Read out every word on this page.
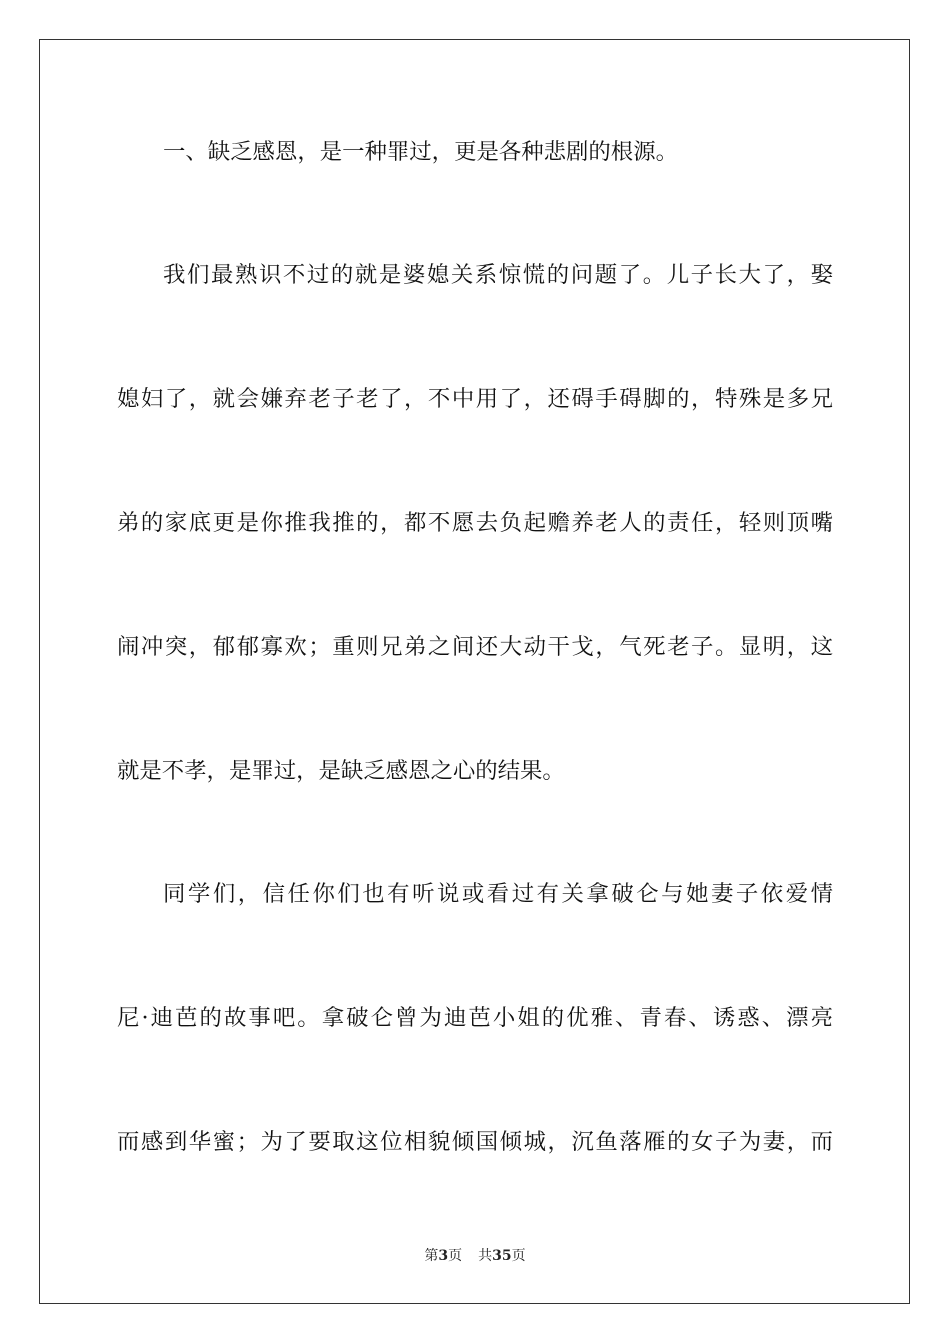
一、缺乏感恩，是一种罪过，更是各种悲剧的根源。
我们最熟识不过的就是婆媳关系惊慌的问题了。儿子长大了，娶
媳妇了，就会嫌弃老子老了，不中用了，还碍手碍脚的，特殊是多兄
弟的家底更是你推我推的，都不愿去负起赡养老人的责任，轻则顶嘴
闹冲突，郁郁寡欢；重则兄弟之间还大动干戈，气死老子。显明，这
就是不孝，是罪过，是缺乏感恩之心的结果。
同学们，信任你们也有听说或看过有关拿破仑与她妻子依爱情
尼·迪芭的故事吧。拿破仑曾为迪芭小姐的优雅、青春、诱惑、漂亮
而感到华蜜；为了要取这位相貌倾国倾城，沉鱼落雁的女子为妻，而
第3页 共35页
